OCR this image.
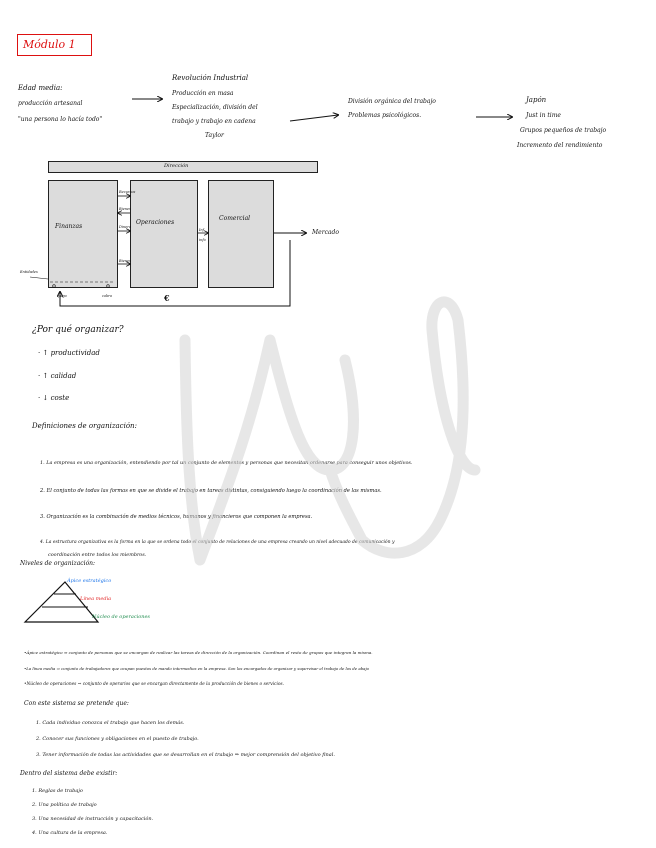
Módulo 1
Edad media:
producción artesanal
"una persona lo hacía todo"
Revolución Industrial
Producción en masa
Especialización, división del
trabajo y trabajo en cadena
Taylor
División orgánica del trabajo
Problemas psicológicos.
Japón
Just in time
Grupos pequeños de trabajo
Incremento del rendimiento
Dirección
Finanzas
Operaciones
Comercial
Mercado
€
Recursos
Bienes
Dinero
Inf.
Bienes
Entidades
pago	cobro
info
¿Por qué organizar?
· ↑ productividad
· ↑ calidad
· ↓ coste
Definiciones de organización:
1. La empresa es una organización, entendiendo por tal un conjunto de elementos y personas que necesitan ordenarse para conseguir unos objetivos.
2. El conjunto de todas las formas en que se divide el trabajo en tareas distintas, consiguiendo luego la coordinación de las mismas.
3. Organización es la combinación de medios técnicos, humanos y financieros que componen la empresa.
4. La estructura organizativa es la forma en la que se ordena todo el conjunto de relaciones de una empresa creando un nivel adecuado de comunicación y
coordinación entre todos los miembros.
Niveles de organización:
Ápice estratégico
Línea media
Núcleo de operaciones
•Ápice estratégico ⇒ conjunto de personas que se encargan de realizar las tareas de dirección de la organización. Coordinan el resto de grupos que integran la misma.
•La línea media ⇒ conjunto de trabajadores que ocupan puestos de mando intermedios en la empresa. Son los encargados de organizar y supervisar el trabajo de los de abajo
•Núcleo de operaciones ⇒ conjunto de operarios que se encargan directamente de la producción de bienes o servicios.
Con este sistema se pretende que:
1. Cada individuo conozca el trabajo que hacen los demás.
2. Conocer sus funciones y obligaciones en el puesto de trabajo.
3. Tener información de todas las actividades que se desarrollan en el trabajo ⇒ mejor comprensión del objetivo final.
Dentro del sistema debe existir:
1. Reglas de trabajo
2. Una política de trabajo
3. Una necesidad de instrucción y capacitación.
4. Una cultura de la empresa.
